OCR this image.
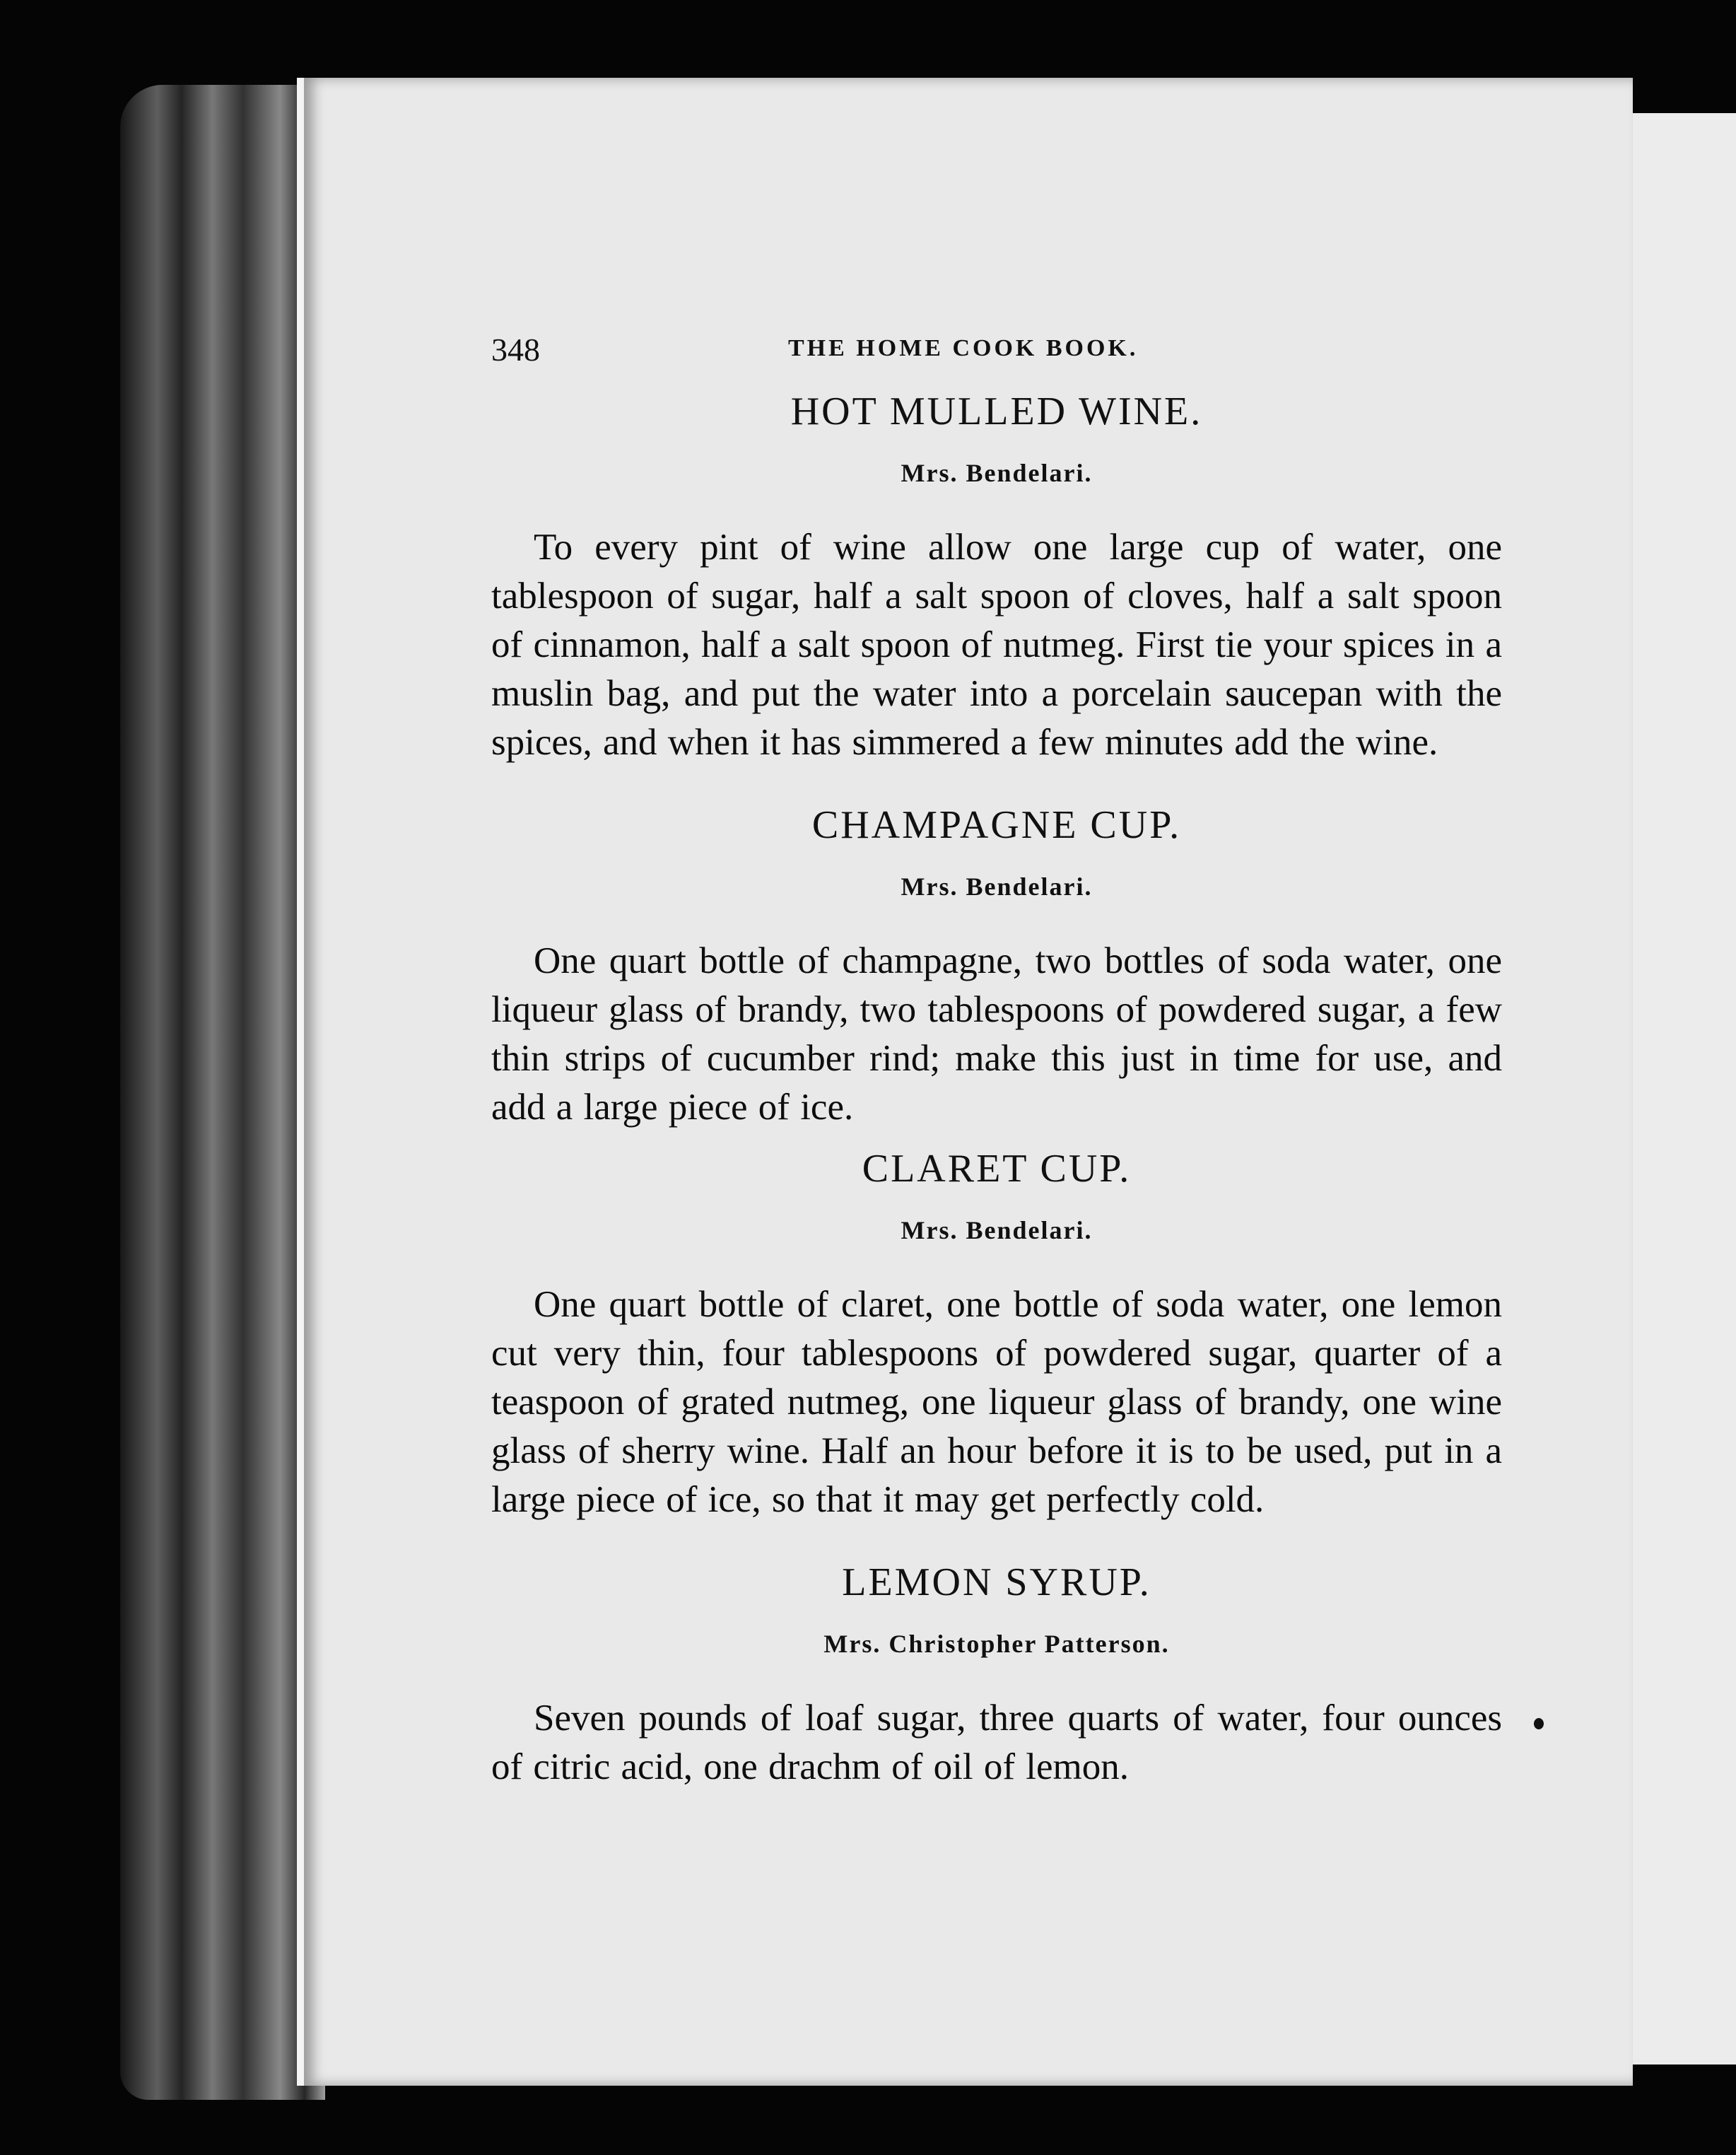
348	THE HOME COOK BOOK.
HOT MULLED WINE.
Mrs. Bendelari.

To every pint of wine allow one large cup of water, one tablespoon of sugar, half a salt spoon of cloves, half a salt spoon of cinnamon, half a salt spoon of nutmeg. First tie your spices in a muslin bag, and put the water into a porcelain saucepan with the spices, and when it has simmered a few minutes add the wine.

CHAMPAGNE CUP.
Mrs. Bendelari.

One quart bottle of champagne, two bottles of soda water, one liqueur glass of brandy, two tablespoons of powdered sugar, a few thin strips of cucumber rind; make this just in time for use, and add a large piece of ice.

CLARET CUP.
Mrs. Bendelari.

One quart bottle of claret, one bottle of soda water, one lemon cut very thin, four tablespoons of powdered sugar, quarter of a teaspoon of grated nutmeg, one liqueur glass of brandy, one wine glass of sherry wine. Half an hour before it is to be used, put in a large piece of ice, so that it may get perfectly cold.

LEMON SYRUP.
Mrs. Christopher Patterson.

Seven pounds of loaf sugar, three quarts of water, four ounces of citric acid, one drachm of oil of lemon.
